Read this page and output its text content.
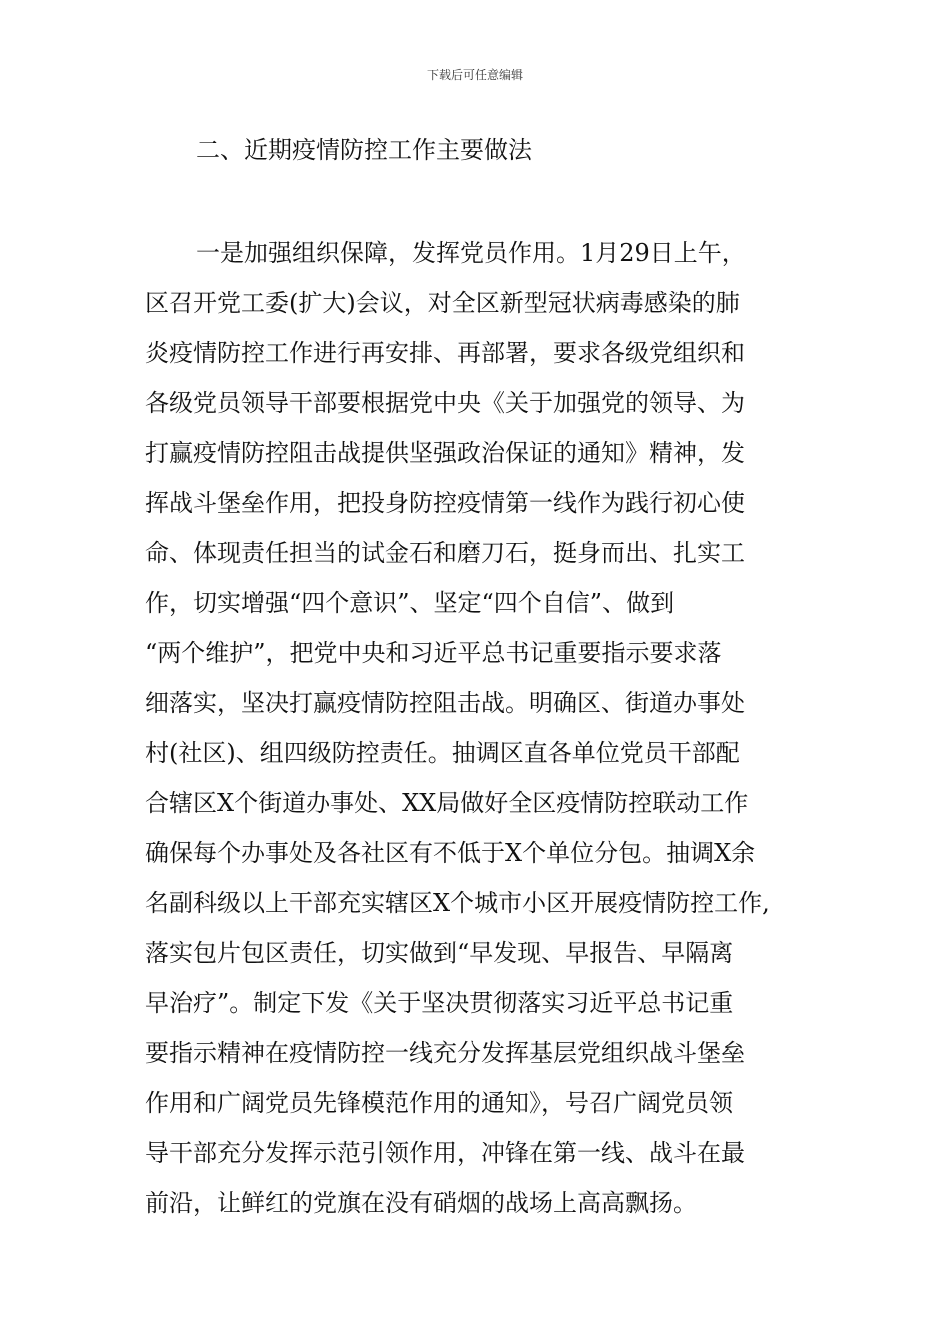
下载后可任意编辑
二、近期疫情防控工作主要做法
一是加强组织保障，发挥党员作用。1月29日上午，
区召开党工委(扩大)会议，对全区新型冠状病毒感染的肺
炎疫情防控工作进行再安排、再部署，要求各级党组织和
各级党员领导干部要根据党中央《关于加强党的领导、为
打赢疫情防控阻击战提供坚强政治保证的通知》精神，发
挥战斗堡垒作用，把投身防控疫情第一线作为践行初心使
命、体现责任担当的试金石和磨刀石，挺身而出、扎实工
作，切实增强“四个意识”、坚定“四个自信”、做到
“两个维护”，把党中央和习近平总书记重要指示要求落
细落实，坚决打赢疫情防控阻击战。明确区、街道办事处
村(社区)、组四级防控责任。抽调区直各单位党员干部配
合辖区X个街道办事处、XX局做好全区疫情防控联动工作
确保每个办事处及各社区有不低于X个单位分包。抽调X余
名副科级以上干部充实辖区X个城市小区开展疫情防控工作,
落实包片包区责任，切实做到“早发现、早报告、早隔离
早治疗”。制定下发《关于坚决贯彻落实习近平总书记重
要指示精神在疫情防控一线充分发挥基层党组织战斗堡垒
作用和广阔党员先锋模范作用的通知》，号召广阔党员领
导干部充分发挥示范引领作用，冲锋在第一线、战斗在最
前沿，让鲜红的党旗在没有硝烟的战场上高高飘扬。
